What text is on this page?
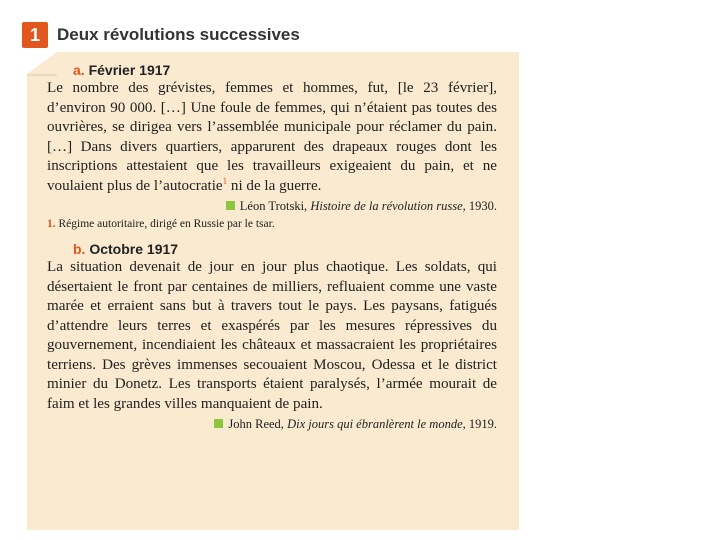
1	Deux révolutions successives
a. Février 1917

Le nombre des grévistes, femmes et hommes, fut, [le 23 février], d’environ 90 000. […] Une foule de femmes, qui n’étaient pas toutes des ouvrières, se dirigea vers l’assemblée municipale pour réclamer du pain. […] Dans divers quartiers, apparurent des drapeaux rouges dont les inscriptions attestaient que les travailleurs exigeaient du pain, et ne voulaient plus de l’autocratie$^1$ ni de la guerre.

Léon Trotski, Histoire de la révolution russe, 1930.
1. Régime autoritaire, dirigé en Russie par le tsar.
b. Octobre 1917

La situation devenait de jour en jour plus chaotique. Les soldats, qui désertaient le front par centaines de milliers, refluaient comme une vaste marée et erraient sans but à travers tout le pays. Les paysans, fatigués d’attendre leurs terres et exaspérés par les mesures répressives du gouvernement, incendiaient les châteaux et massacraient les propriétaires terriens. Des grèves immenses secouaient Moscou, Odessa et le district minier du Donetz. Les transports étaient paralysés, l’armée mourait de faim et les grandes villes manquaient de pain.

John Reed, Dix jours qui ébranlèrent le monde, 1919.
